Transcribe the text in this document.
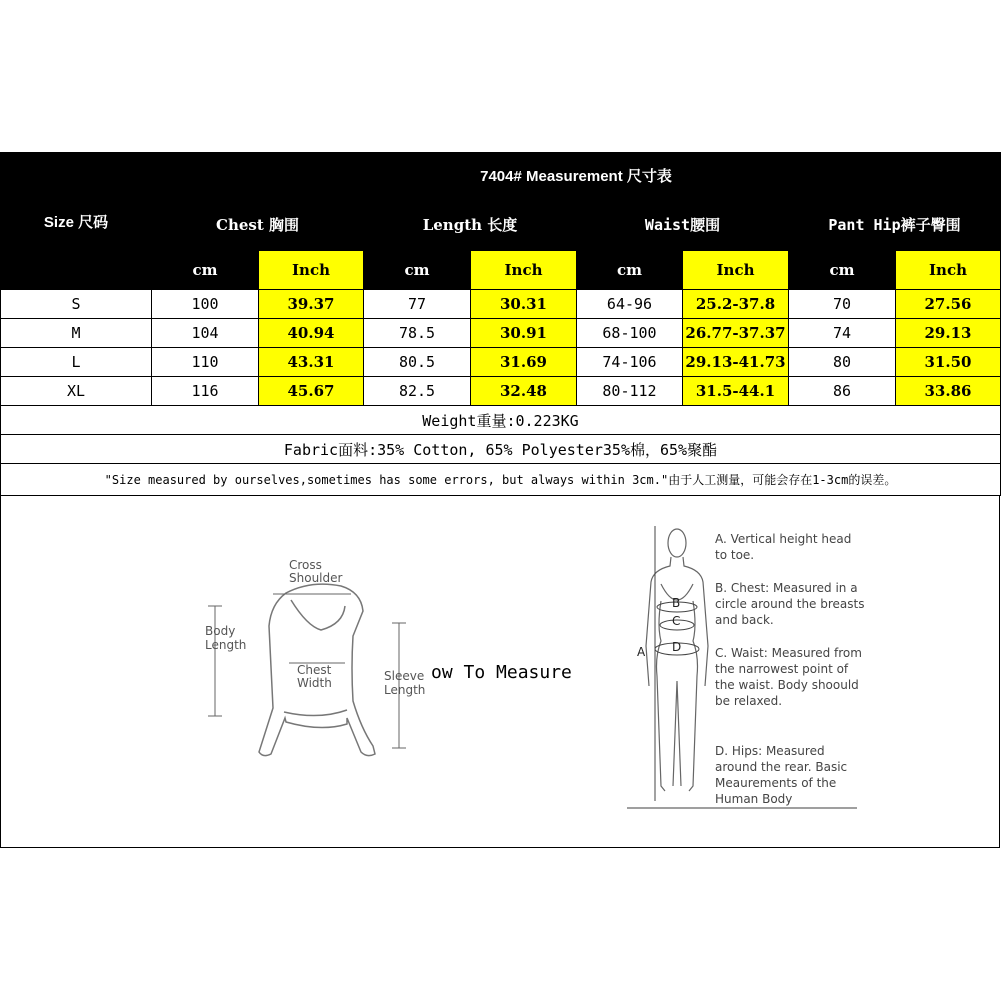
Size 尺码	7404# Measurement 尺寸表							
	Chest 胸围		Length 长度		Waist腰围		Pant Hip裤子臀围	
	cm	Inch	cm	Inch	cm	Inch	cm	Inch
S	100	39.37	77	30.31	64-96	25.2-37.8	70	27.56
M	104	40.94	78.5	30.91	68-100	26.77-37.37	74	29.13
L	110	43.31	80.5	31.69	74-106	29.13-41.73	80	31.50
XL	116	45.67	82.5	32.48	80-112	31.5-44.1	86	33.86
Weight重量:0.223KG								
Fabric面料:35% Cotton, 65% Polyester35%棉，65%聚酯								
"Size measured by ourselves,sometimes has some errors, but always within 3cm."由于人工测量，可能会存在1-3cm的误差。								
Cross
Shoulder
Body
Length
Chest
Width	Sleeve
Length
B
C
D
A
ow To Measure
A. Vertical height head to toe.
B. Chest: Measured in a circle around the breasts and back.
C. Waist: Measured from the narrowest point of the waist. Body shoould be relaxed.
D. Hips: Measured around the rear. Basic Meaurements of the Human Body
